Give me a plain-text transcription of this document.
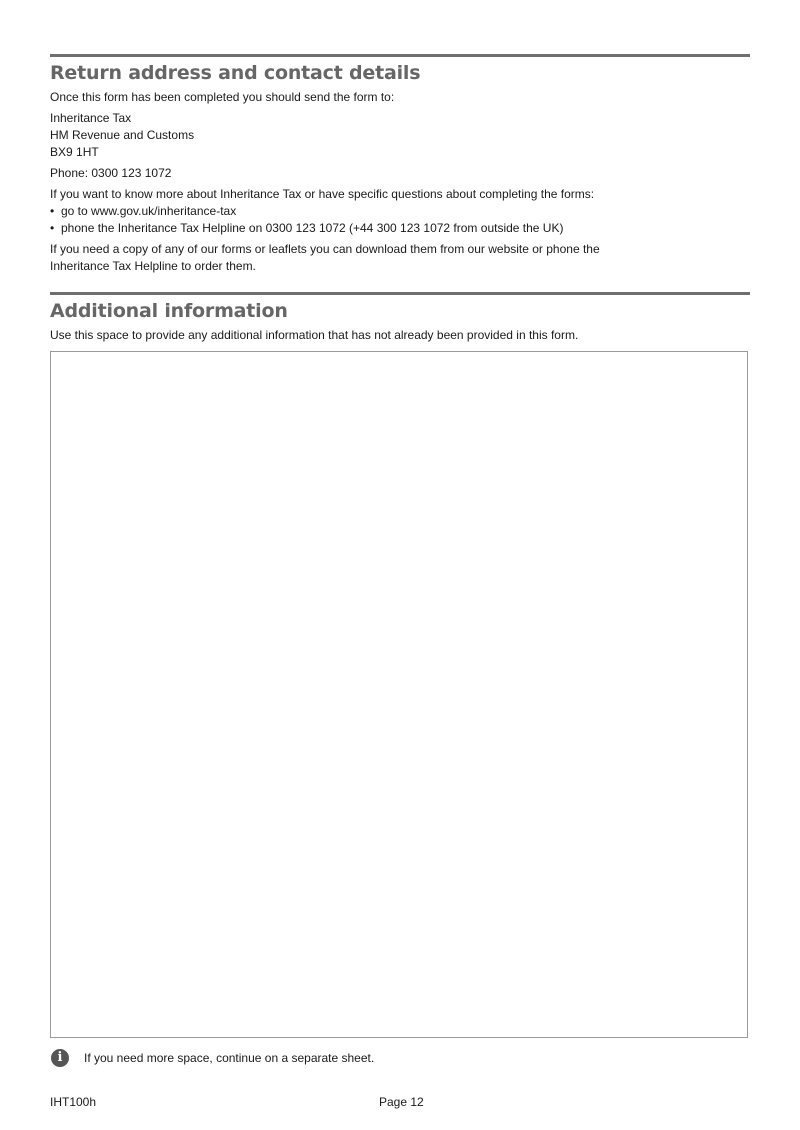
Return address and contact details
Once this form has been completed you should send the form to:
Inheritance Tax
HM Revenue and Customs
BX9 1HT
Phone: 0300 123 1072
If you want to know more about Inheritance Tax or have specific questions about completing the forms:
• go to www.gov.uk/inheritance-tax
• phone the Inheritance Tax Helpline on 0300 123 1072 (+44 300 123 1072 from outside the UK)
If you need a copy of any of our forms or leaflets you can download them from our website or phone the
Inheritance Tax Helpline to order them.
Additional information
Use this space to provide any additional information that has not already been provided in this form.
i	If you need more space, continue on a separate sheet.
IHT100h	Page 12
